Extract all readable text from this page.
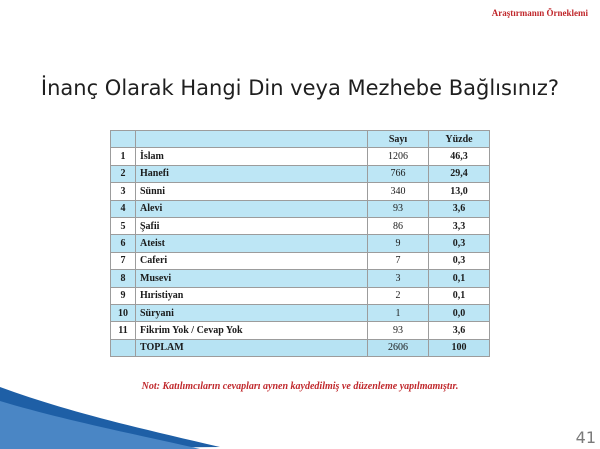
Araştırmanın Örneklemi
İnanç Olarak Hangi Din veya Mezhebe Bağlısınız?
		Sayı	Yüzde
1	İslam	1206	46,3
2	Hanefi	766	29,4
3	Sünni	340	13,0
4	Alevi	93	3,6
5	Şafii	86	3,3
6	Ateist	9	0,3
7	Caferi	7	0,3
8	Musevi	3	0,1
9	Hıristiyan	2	0,1
10	Süryani	1	0,0
11	Fikrim Yok / Cevap Yok	93	3,6
	TOPLAM	2606	100
Not: Katılımcıların cevapları aynen kaydedilmiş ve düzenleme yapılmamıştır.
41
